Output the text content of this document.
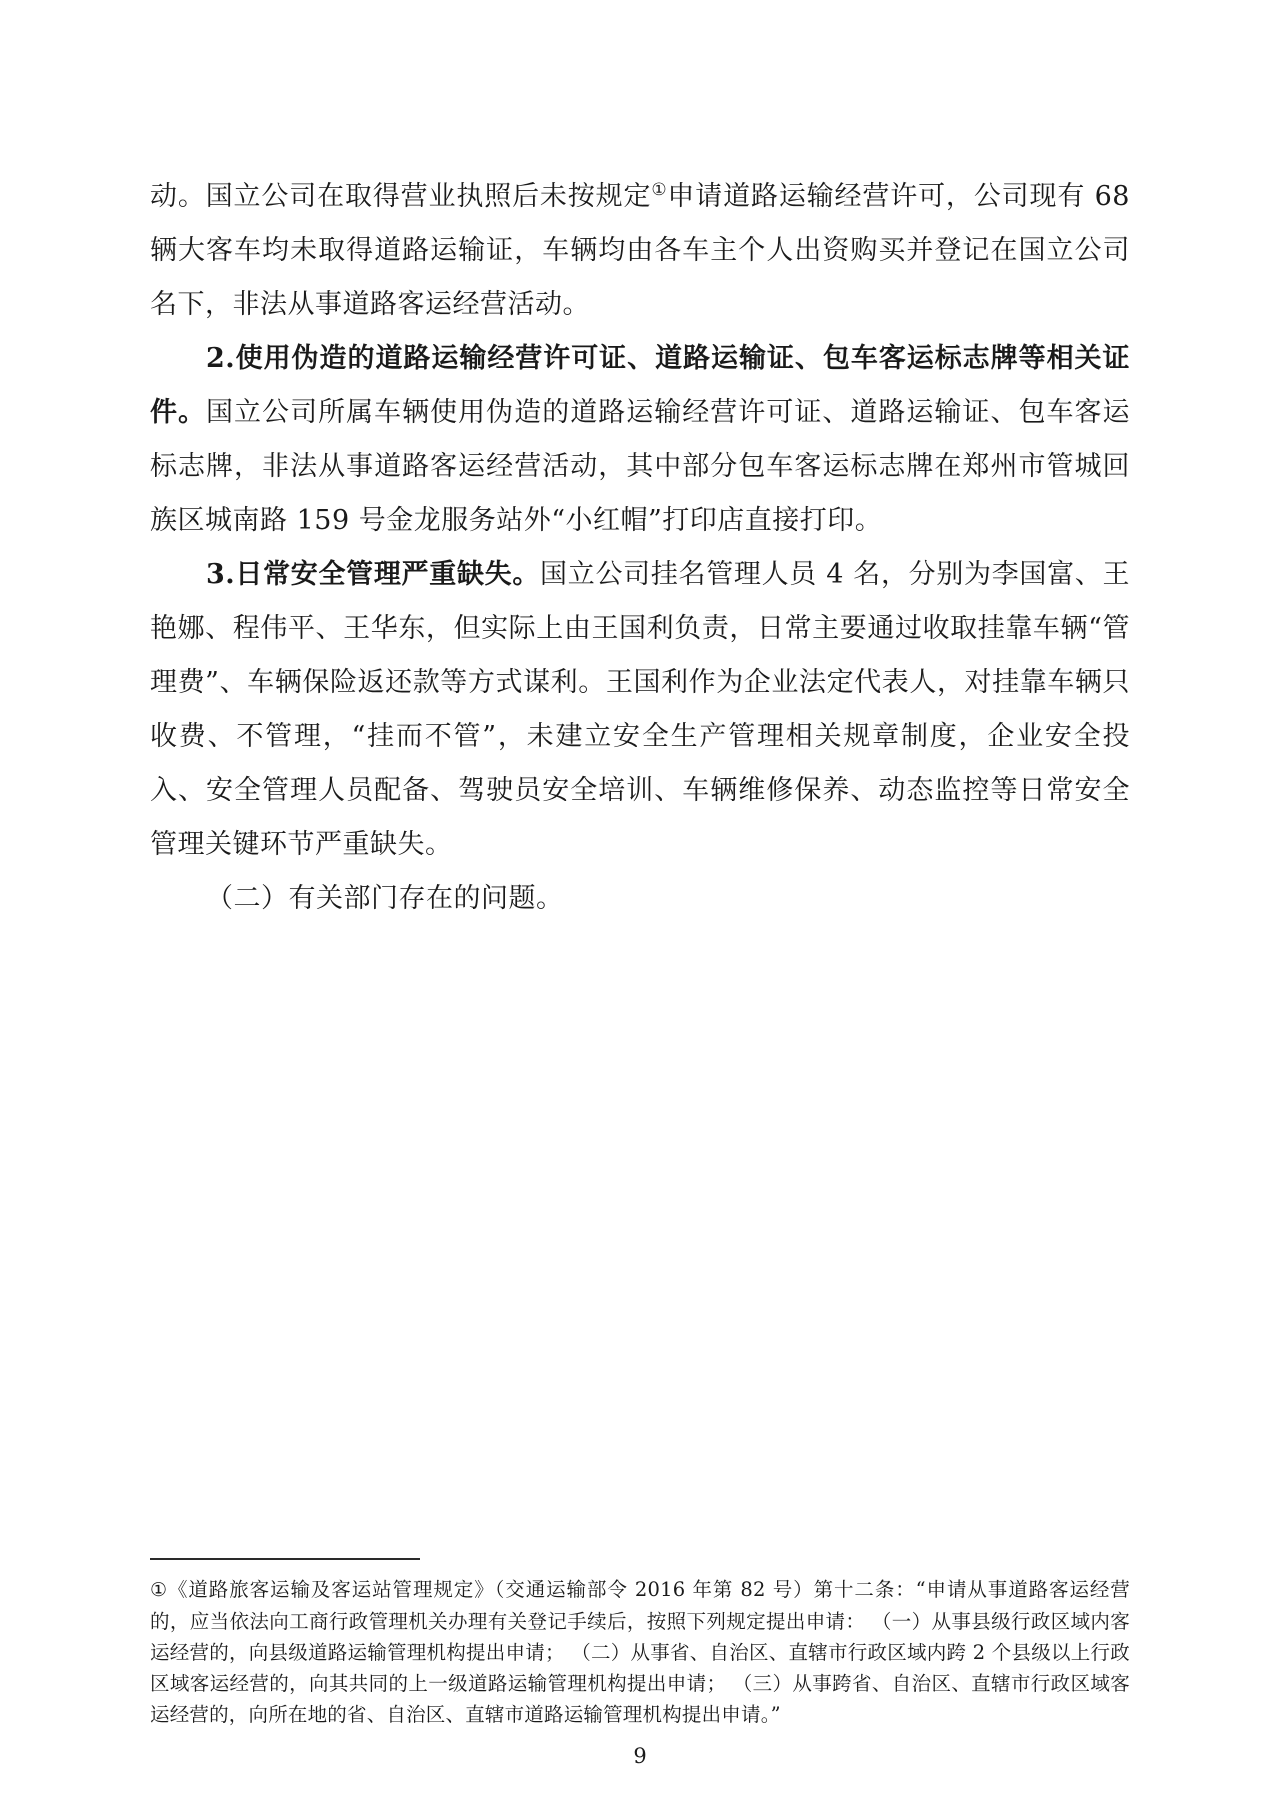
动。国立公司在取得营业执照后未按规定①申请道路运输经营许可，公司现有 68 辆大客车均未取得道路运输证，车辆均由各车主个人出资购买并登记在国立公司名下，非法从事道路客运经营活动。

2.使用伪造的道路运输经营许可证、道路运输证、包车客运标志牌等相关证件。国立公司所属车辆使用伪造的道路运输经营许可证、道路运输证、包车客运标志牌，非法从事道路客运经营活动，其中部分包车客运标志牌在郑州市管城回族区城南路 159 号金龙服务站外“小红帽”打印店直接打印。

3.日常安全管理严重缺失。国立公司挂名管理人员 4 名，分别为李国富、王艳娜、程伟平、王华东，但实际上由王国利负责，日常主要通过收取挂靠车辆“管理费”、车辆保险返还款等方式谋利。王国利作为企业法定代表人，对挂靠车辆只收费、不管理，“挂而不管”，未建立安全生产管理相关规章制度，企业安全投入、安全管理人员配备、驾驶员安全培训、车辆维修保养、动态监控等日常安全管理关键环节严重缺失。

（二）有关部门存在的问题。

①《道路旅客运输及客运站管理规定》（交通运输部令 2016 年第 82 号）第十二条：“申请从事道路客运经营的，应当依法向工商行政管理机关办理有关登记手续后，按照下列规定提出申请： （一）从事县级行政区域内客运经营的，向县级道路运输管理机构提出申请； （二）从事省、自治区、直辖市行政区域内跨 2 个县级以上行政区域客运经营的，向其共同的上一级道路运输管理机构提出申请； （三）从事跨省、自治区、直辖市行政区域客运经营的，向所在地的省、自治区、直辖市道路运输管理机构提出申请。”

9
